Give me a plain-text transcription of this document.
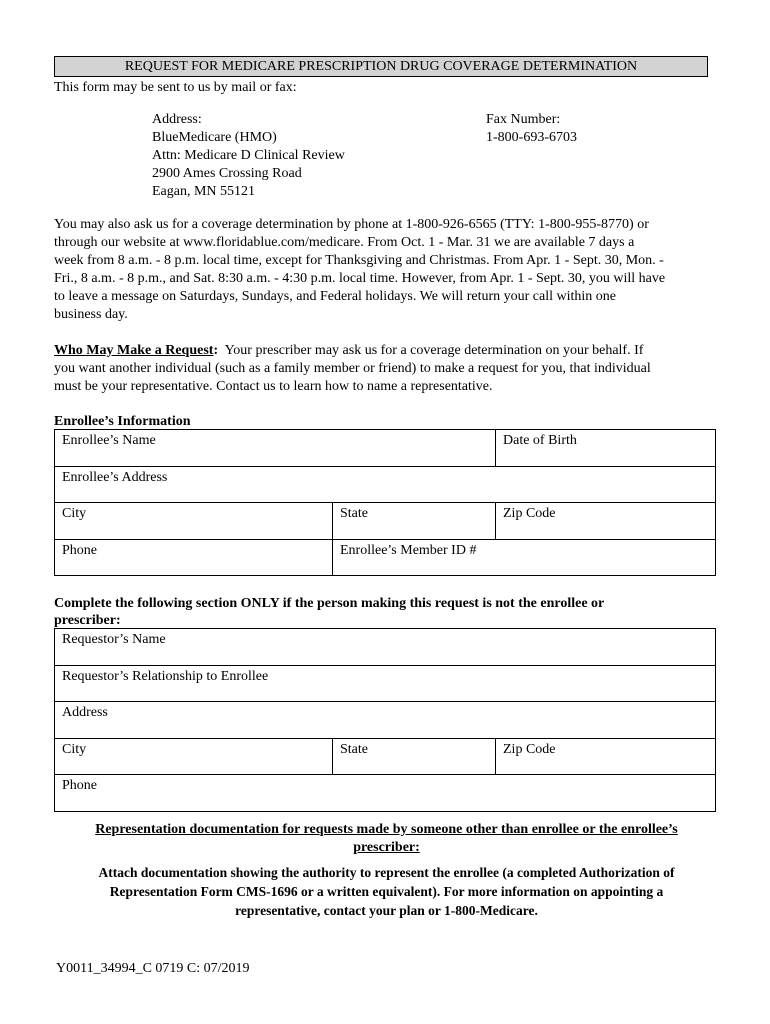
REQUEST FOR MEDICARE PRESCRIPTION DRUG COVERAGE DETERMINATION
This form may be sent to us by mail or fax:
Address:
BlueMedicare (HMO)
Attn: Medicare D Clinical Review
2900 Ames Crossing Road
Eagan, MN 55121
Fax Number:
1-800-693-6703
You may also ask us for a coverage determination by phone at 1-800-926-6565 (TTY: 1-800-955-8770) or
through our website at www.floridablue.com/medicare. From Oct. 1 - Mar. 31 we are available 7 days a
week from 8 a.m. - 8 p.m. local time, except for Thanksgiving and Christmas. From Apr. 1 - Sept. 30, Mon. -
Fri., 8 a.m. - 8 p.m., and Sat. 8:30 a.m. - 4:30 p.m. local time. However, from Apr. 1 - Sept. 30, you will have
to leave a message on Saturdays, Sundays, and Federal holidays. We will return your call within one
business day.
Who May Make a Request:  Your prescriber may ask us for a coverage determination on your behalf. If
you want another individual (such as a family member or friend) to make a request for you, that individual
must be your representative. Contact us to learn how to name a representative.
Enrollee’s Information
Enrollee’s Name		Date of Birth
Enrollee’s Address		
City	State	Zip Code
Phone	Enrollee’s Member ID #	
Complete the following section ONLY if the person making this request is not the enrollee or
prescriber:
Requestor’s Name
Requestor’s Relationship to Enrollee
Address
City	State	Zip Code
Phone
Representation documentation for requests made by someone other than enrollee or the enrollee’s
prescriber:
Attach documentation showing the authority to represent the enrollee (a completed Authorization of
Representation Form CMS-1696 or a written equivalent). For more information on appointing a
representative, contact your plan or 1-800-Medicare.
Y0011_34994_C 0719 C: 07/2019
